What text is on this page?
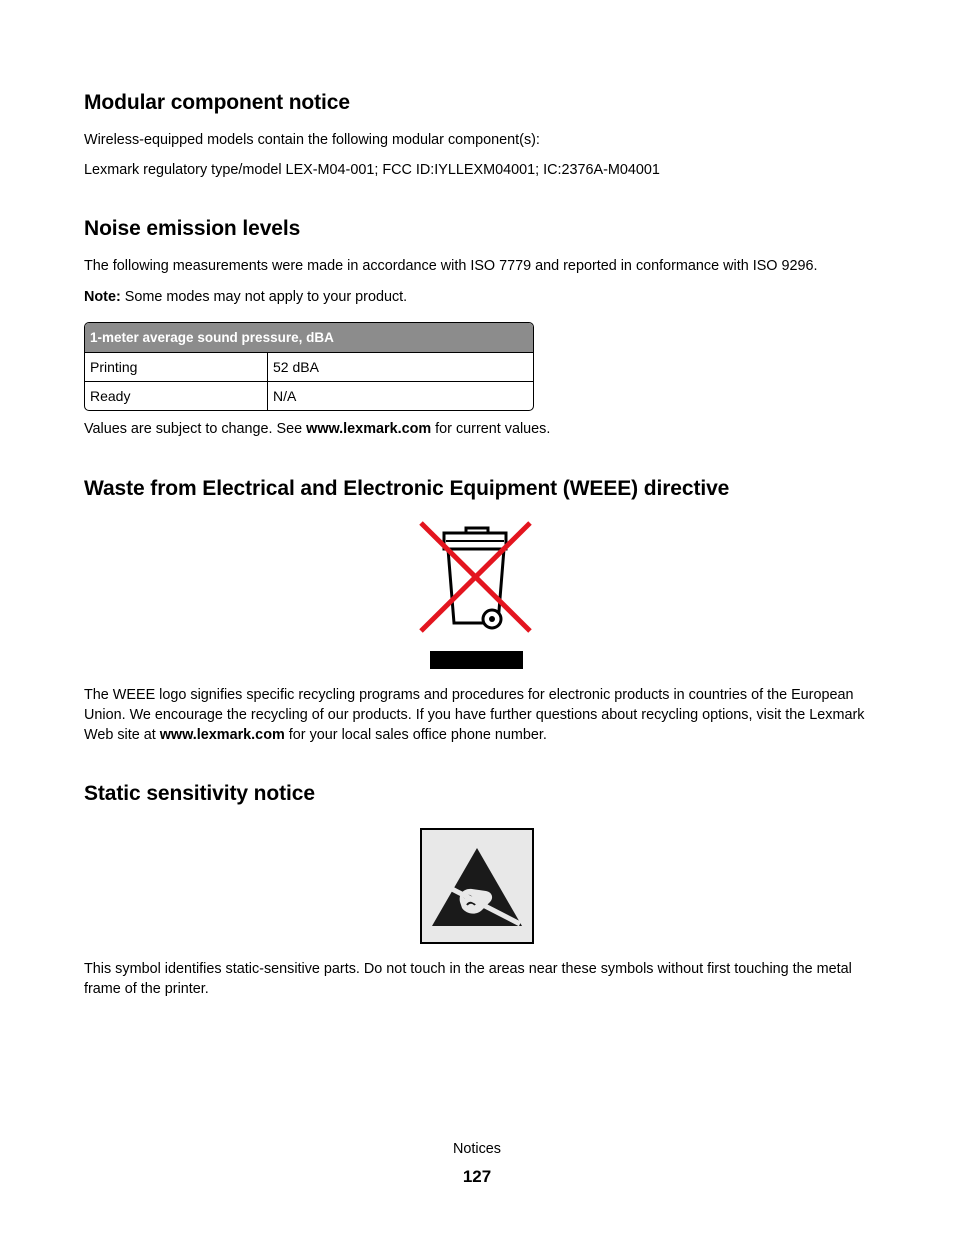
Modular component notice

Wireless-equipped models contain the following modular component(s):

Lexmark regulatory type/model LEX-M04-001; FCC ID:IYLLEXM04001; IC:2376A-M04001

Noise emission levels

The following measurements were made in accordance with ISO 7779 and reported in conformance with ISO 9296.

Note: Some modes may not apply to your product.

1-meter average sound pressure, dBA	
Printing	52 dBA
Ready	N/A

Values are subject to change. See www.lexmark.com for current values.

Waste from Electrical and Electronic Equipment (WEEE) directive

The WEEE logo signifies specific recycling programs and procedures for electronic products in countries of the European Union. We encourage the recycling of our products. If you have further questions about recycling options, visit the Lexmark Web site at www.lexmark.com for your local sales office phone number.

Static sensitivity notice

This symbol identifies static-sensitive parts. Do not touch in the areas near these symbols without first touching the metal frame of the printer.

Notices
127
